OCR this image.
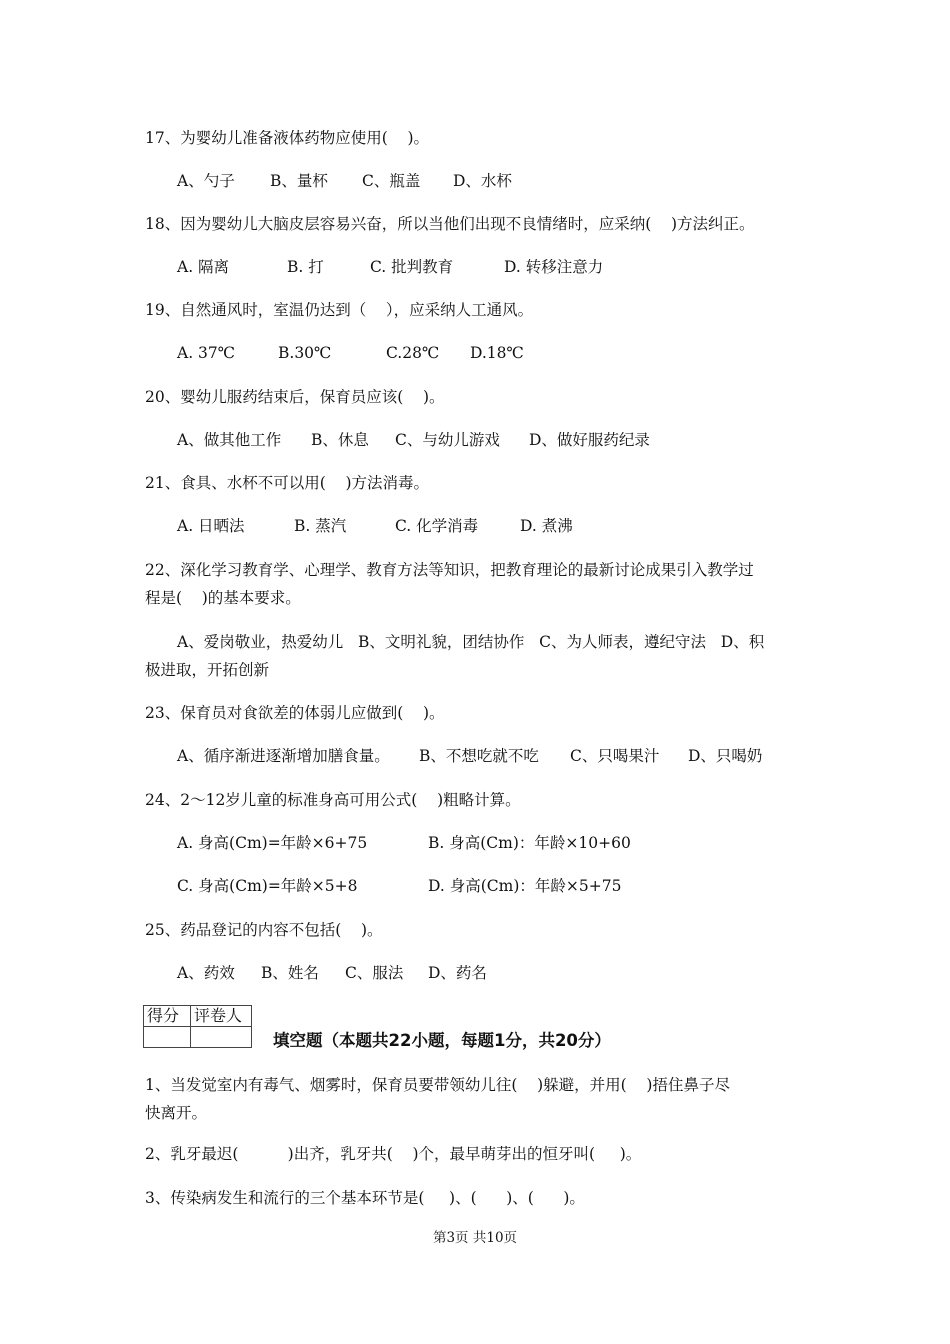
17、为婴幼儿准备液体药物应使用(    )。
A、勺子 B、量杯 C、瓶盖 D、水杯
18、因为婴幼儿大脑皮层容易兴奋，所以当他们出现不良情绪时，应采纳(    )方法纠正。
A. 隔离	B. 打	C. 批判教育	D. 转移注意力
19、自然通风时，室温仍达到（    ），应采纳人工通风。
A. 37℃	B.30℃	C.28℃ D.18℃
20、婴幼儿服药结束后，保育员应该(    )。
A、做其他工作 B、休息 C、与幼儿游戏 D、做好服药纪录
21、食具、水杯不可以用(    )方法消毒。
A. 日晒法	B. 蒸汽	C. 化学消毒	D. 煮沸
22、深化学习教育学、心理学、教育方法等知识，把教育理论的最新讨论成果引入教学过
程是(    )的基本要求。
A、爱岗敬业，热爱幼儿   B、文明礼貌，团结协作   C、为人师表，遵纪守法   D、积
极进取，开拓创新
23、保育员对食欲差的体弱儿应做到(    )。
A、循序渐进逐渐增加膳食量。 B、不想吃就不吃 C、只喝果汁 D、只喝奶
24、2～12岁儿童的标准身高可用公式(    )粗略计算。
A. 身高(Cm)=年龄×6+75	B. 身高(Cm)：年龄×10+60
C. 身高(Cm)=年龄×5+8	D. 身高(Cm)：年龄×5+75
25、药品登记的内容不包括(    )。
A、药效 B、姓名 C、服法 D、药名
得分	评卷人

填空题（本题共22小题，每题1分，共20分）
1、当发觉室内有毒气、烟雾时，保育员要带领幼儿往(    )躲避，并用(    )捂住鼻子尽
快离开。
2、乳牙最迟(          )出齐，乳牙共(    )个，最早萌芽出的恒牙叫(     )。
3、传染病发生和流行的三个基本环节是(     )、(      )、(      )。
第3页 共10页
